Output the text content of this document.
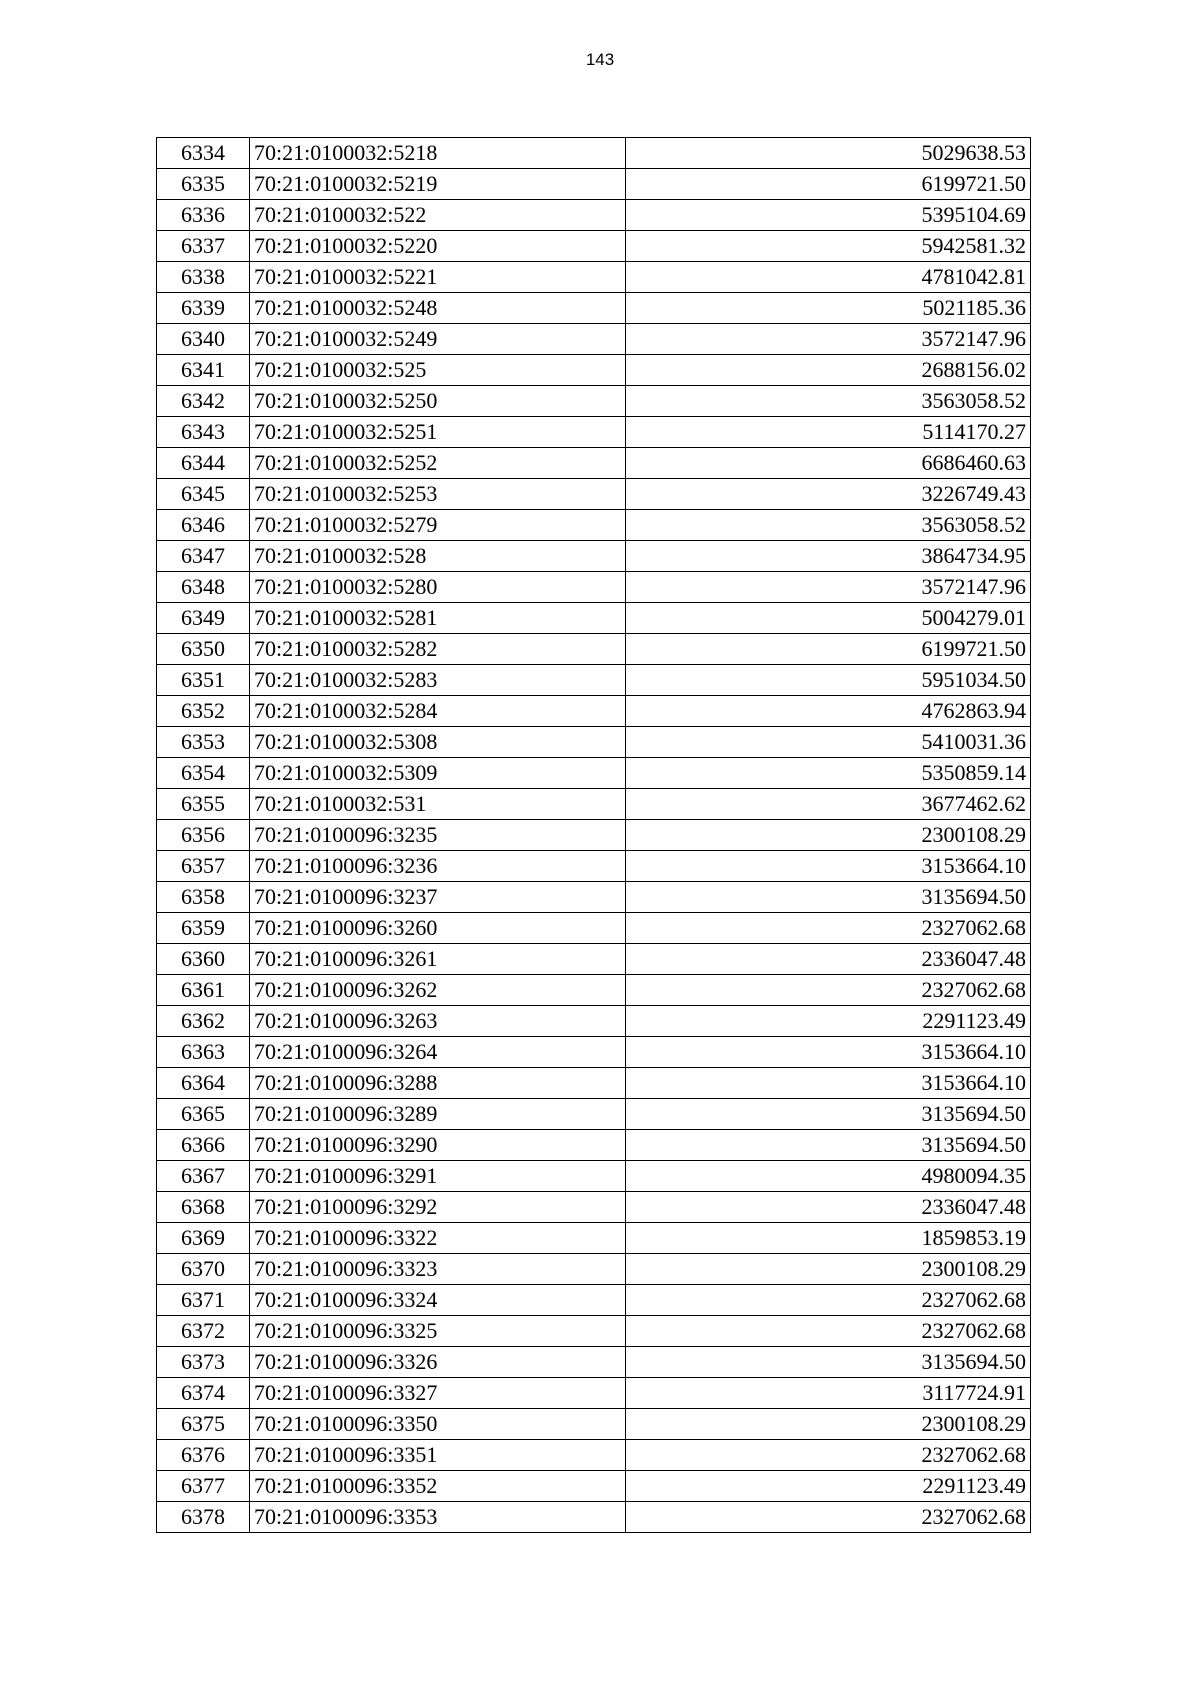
143
6334	70:21:0100032:5218	5029638.53
6335	70:21:0100032:5219	6199721.50
6336	70:21:0100032:522	5395104.69
6337	70:21:0100032:5220	5942581.32
6338	70:21:0100032:5221	4781042.81
6339	70:21:0100032:5248	5021185.36
6340	70:21:0100032:5249	3572147.96
6341	70:21:0100032:525	2688156.02
6342	70:21:0100032:5250	3563058.52
6343	70:21:0100032:5251	5114170.27
6344	70:21:0100032:5252	6686460.63
6345	70:21:0100032:5253	3226749.43
6346	70:21:0100032:5279	3563058.52
6347	70:21:0100032:528	3864734.95
6348	70:21:0100032:5280	3572147.96
6349	70:21:0100032:5281	5004279.01
6350	70:21:0100032:5282	6199721.50
6351	70:21:0100032:5283	5951034.50
6352	70:21:0100032:5284	4762863.94
6353	70:21:0100032:5308	5410031.36
6354	70:21:0100032:5309	5350859.14
6355	70:21:0100032:531	3677462.62
6356	70:21:0100096:3235	2300108.29
6357	70:21:0100096:3236	3153664.10
6358	70:21:0100096:3237	3135694.50
6359	70:21:0100096:3260	2327062.68
6360	70:21:0100096:3261	2336047.48
6361	70:21:0100096:3262	2327062.68
6362	70:21:0100096:3263	2291123.49
6363	70:21:0100096:3264	3153664.10
6364	70:21:0100096:3288	3153664.10
6365	70:21:0100096:3289	3135694.50
6366	70:21:0100096:3290	3135694.50
6367	70:21:0100096:3291	4980094.35
6368	70:21:0100096:3292	2336047.48
6369	70:21:0100096:3322	1859853.19
6370	70:21:0100096:3323	2300108.29
6371	70:21:0100096:3324	2327062.68
6372	70:21:0100096:3325	2327062.68
6373	70:21:0100096:3326	3135694.50
6374	70:21:0100096:3327	3117724.91
6375	70:21:0100096:3350	2300108.29
6376	70:21:0100096:3351	2327062.68
6377	70:21:0100096:3352	2291123.49
6378	70:21:0100096:3353	2327062.68
